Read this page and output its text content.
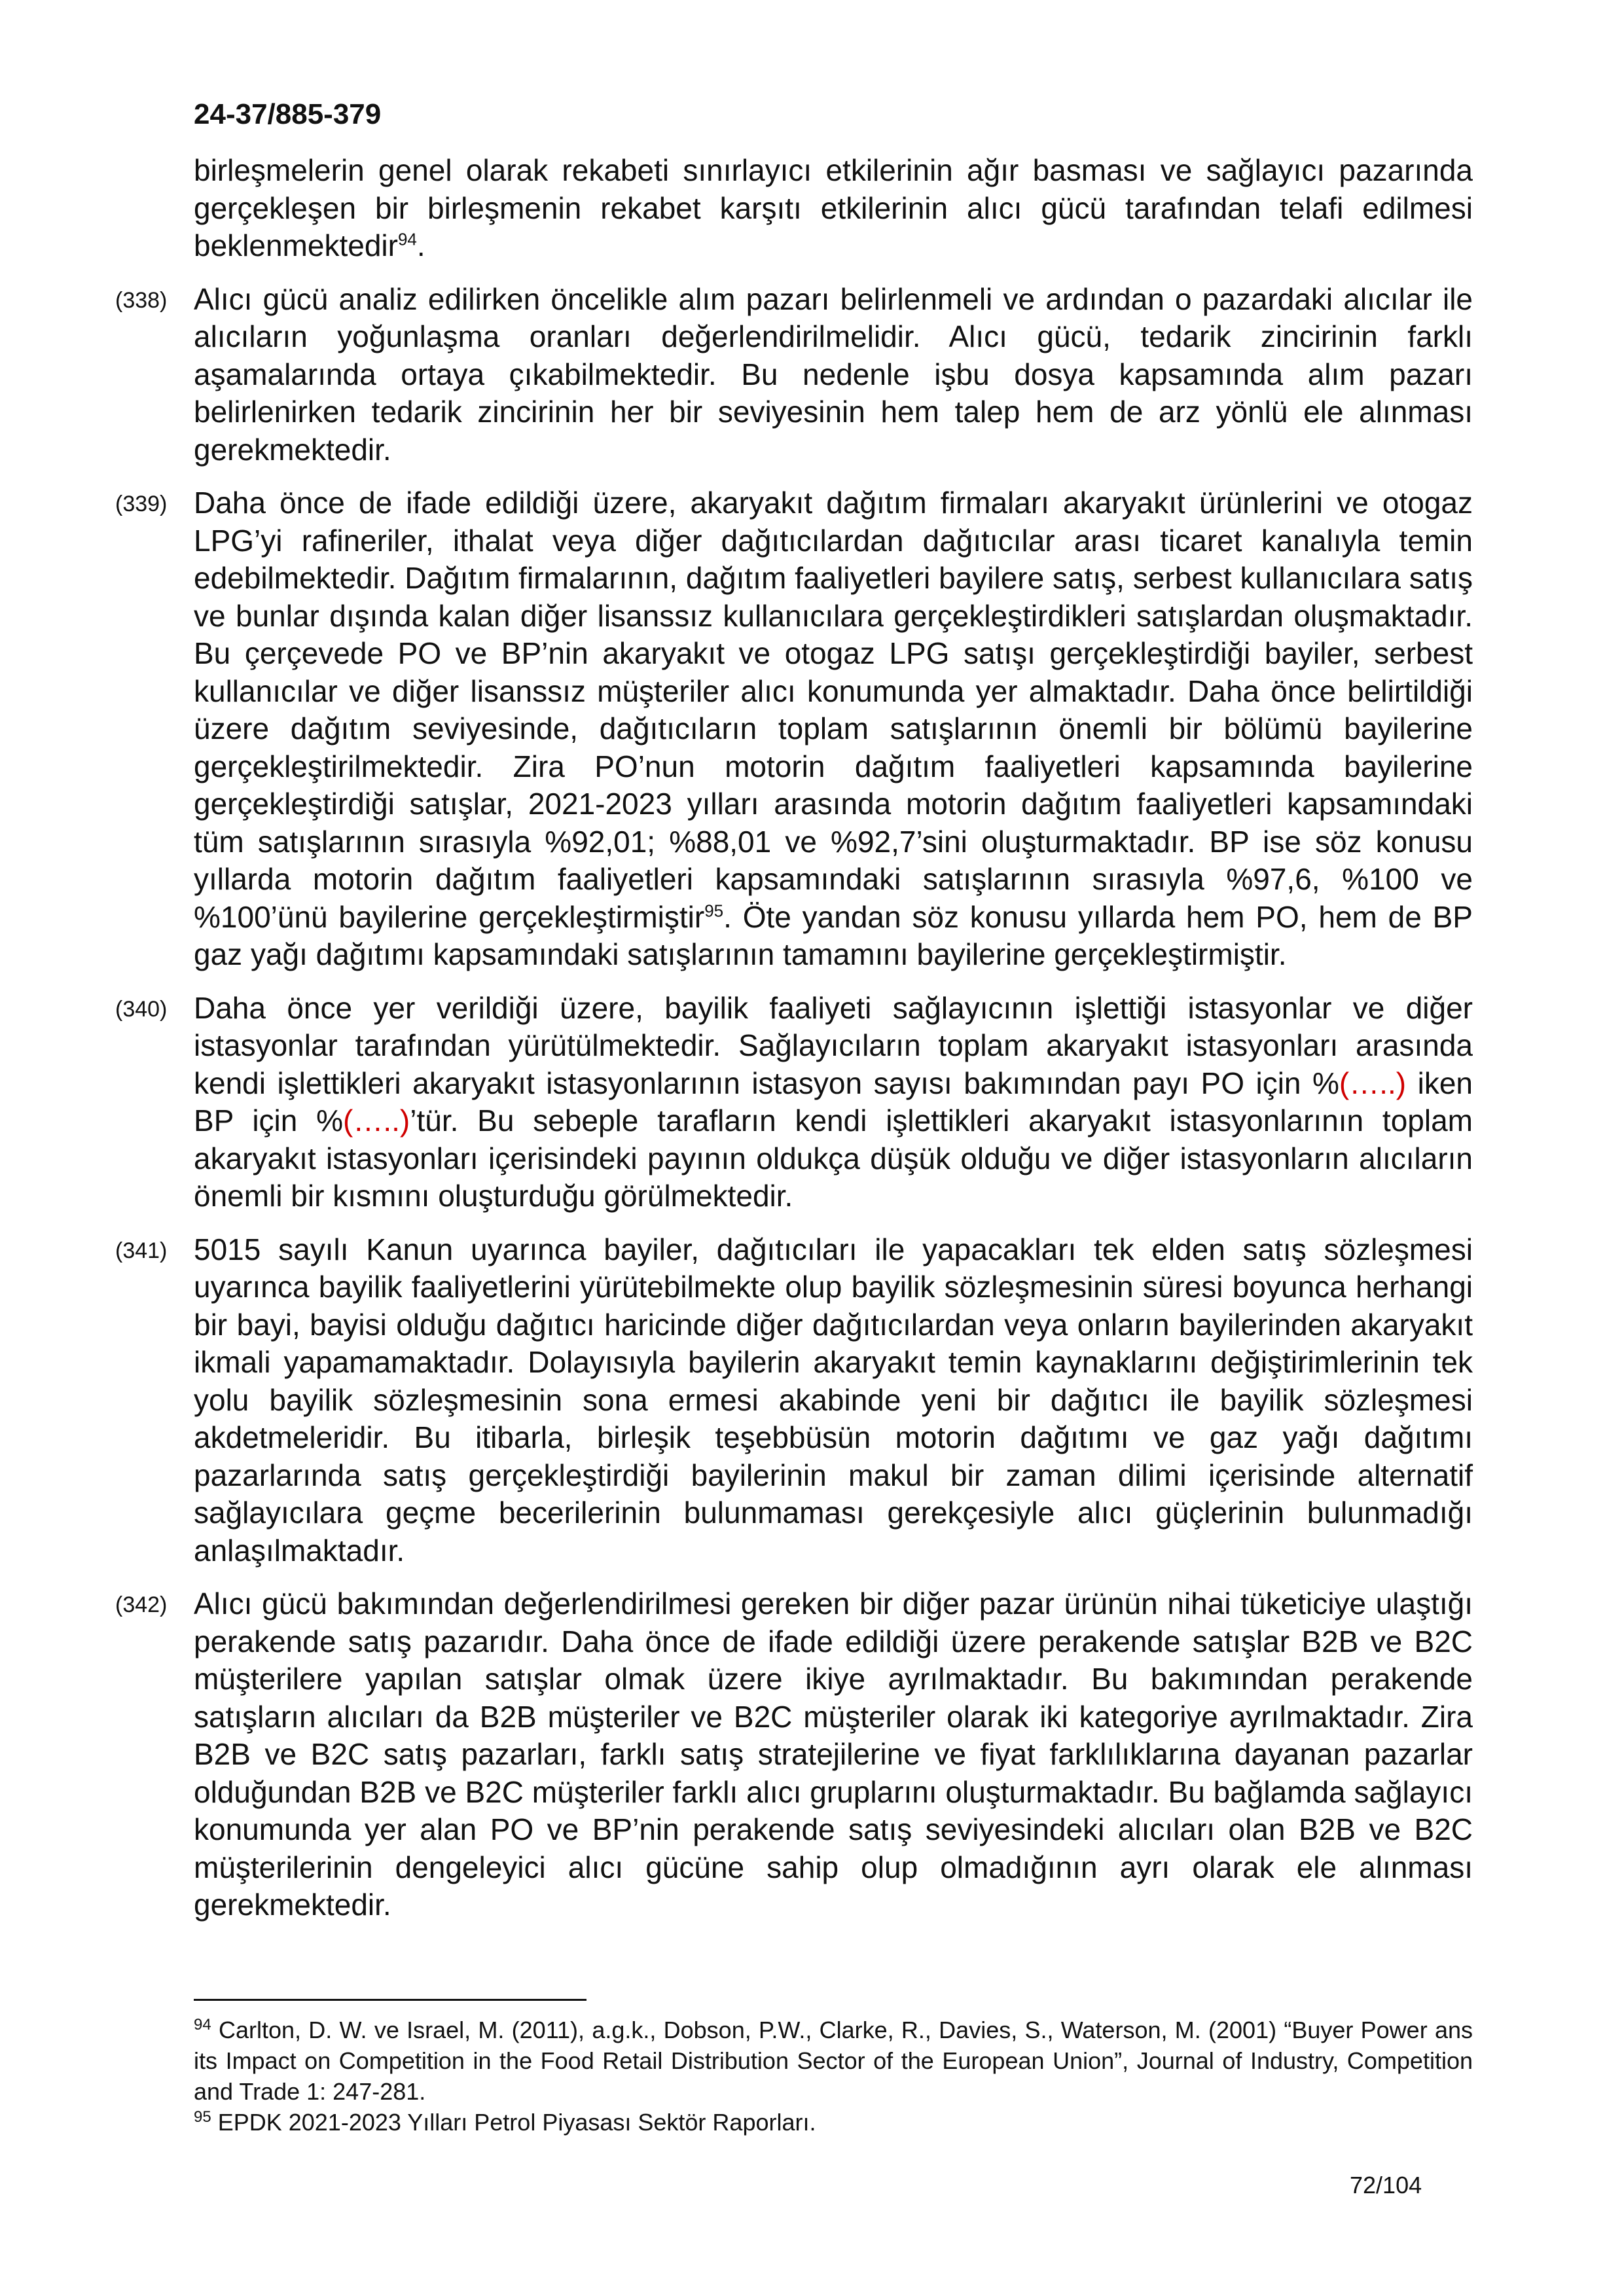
24-37/885-379

birleşmelerin genel olarak rekabeti sınırlayıcı etkilerinin ağır basması ve sağlayıcı pazarında gerçekleşen bir birleşmenin rekabet karşıtı etkilerinin alıcı gücü tarafından telafi edilmesi beklenmektedir$^{94}$.

(338) Alıcı gücü analiz edilirken öncelikle alım pazarı belirlenmeli ve ardından o pazardaki alıcılar ile alıcıların yoğunlaşma oranları değerlendirilmelidir. Alıcı gücü, tedarik zincirinin farklı aşamalarında ortaya çıkabilmektedir. Bu nedenle işbu dosya kapsamında alım pazarı belirlenirken tedarik zincirinin her bir seviyesinin hem talep hem de arz yönlü ele alınması gerekmektedir.

(339) Daha önce de ifade edildiği üzere, akaryakıt dağıtım firmaları akaryakıt ürünlerini ve otogaz LPG’yi rafineriler, ithalat veya diğer dağıtıcılardan dağıtıcılar arası ticaret kanalıyla temin edebilmektedir. Dağıtım firmalarının, dağıtım faaliyetleri bayilere satış, serbest kullanıcılara satış ve bunlar dışında kalan diğer lisanssız kullanıcılara gerçekleştirdikleri satışlardan oluşmaktadır. Bu çerçevede PO ve BP’nin akaryakıt ve otogaz LPG satışı gerçekleştirdiği bayiler, serbest kullanıcılar ve diğer lisanssız müşteriler alıcı konumunda yer almaktadır. Daha önce belirtildiği üzere dağıtım seviyesinde, dağıtıcıların toplam satışlarının önemli bir bölümü bayilerine gerçekleştirilmektedir. Zira PO’nun motorin dağıtım faaliyetleri kapsamında bayilerine gerçekleştirdiği satışlar, 2021-2023 yılları arasında motorin dağıtım faaliyetleri kapsamındaki tüm satışlarının sırasıyla %92,01; %88,01 ve %92,7’sini oluşturmaktadır. BP ise söz konusu yıllarda motorin dağıtım faaliyetleri kapsamındaki satışlarının sırasıyla %97,6, %100 ve %100’ünü bayilerine gerçekleştirmiştir$^{95}$. Öte yandan söz konusu yıllarda hem PO, hem de BP gaz yağı dağıtımı kapsamındaki satışlarının tamamını bayilerine gerçekleştirmiştir.

(340) Daha önce yer verildiği üzere, bayilik faaliyeti sağlayıcının işlettiği istasyonlar ve diğer istasyonlar tarafından yürütülmektedir. Sağlayıcıların toplam akaryakıt istasyonları arasında kendi işlettikleri akaryakıt istasyonlarının istasyon sayısı bakımından payı PO için %(…..) iken BP için %(…..)’tür. Bu sebeple tarafların kendi işlettikleri akaryakıt istasyonlarının toplam akaryakıt istasyonları içerisindeki payının oldukça düşük olduğu ve diğer istasyonların alıcıların önemli bir kısmını oluşturduğu görülmektedir.

(341) 5015 sayılı Kanun uyarınca bayiler, dağıtıcıları ile yapacakları tek elden satış sözleşmesi uyarınca bayilik faaliyetlerini yürütebilmekte olup bayilik sözleşmesinin süresi boyunca herhangi bir bayi, bayisi olduğu dağıtıcı haricinde diğer dağıtıcılardan veya onların bayilerinden akaryakıt ikmali yapamamaktadır. Dolayısıyla bayilerin akaryakıt temin kaynaklarını değiştirimlerinin tek yolu bayilik sözleşmesinin sona ermesi akabinde yeni bir dağıtıcı ile bayilik sözleşmesi akdetmeleridir. Bu itibarla, birleşik teşebbüsün motorin dağıtımı ve gaz yağı dağıtımı pazarlarında satış gerçekleştirdiği bayilerinin makul bir zaman dilimi içerisinde alternatif sağlayıcılara geçme becerilerinin bulunmaması gerekçesiyle alıcı güçlerinin bulunmadığı anlaşılmaktadır.

(342) Alıcı gücü bakımından değerlendirilmesi gereken bir diğer pazar ürünün nihai tüketiciye ulaştığı perakende satış pazarıdır. Daha önce de ifade edildiği üzere perakende satışlar B2B ve B2C müşterilere yapılan satışlar olmak üzere ikiye ayrılmaktadır. Bu bakımından perakende satışların alıcıları da B2B müşteriler ve B2C müşteriler olarak iki kategoriye ayrılmaktadır. Zira B2B ve B2C satış pazarları, farklı satış stratejilerine ve fiyat farklılıklarına dayanan pazarlar olduğundan B2B ve B2C müşteriler farklı alıcı gruplarını oluşturmaktadır. Bu bağlamda sağlayıcı konumunda yer alan PO ve BP’nin perakende satış seviyesindeki alıcıları olan B2B ve B2C müşterilerinin dengeleyici alıcı gücüne sahip olup olmadığının ayrı olarak ele alınması gerekmektedir.

$^{94}$ Carlton, D. W. ve Israel, M. (2011), a.g.k., Dobson, P.W., Clarke, R., Davies, S., Waterson, M. (2001) “Buyer Power ans its Impact on Competition in the Food Retail Distribution Sector of the European Union”, Journal of Industry, Competition and Trade 1: 247-281.

$^{95}$ EPDK 2021-2023 Yılları Petrol Piyasası Sektör Raporları.

72/104
